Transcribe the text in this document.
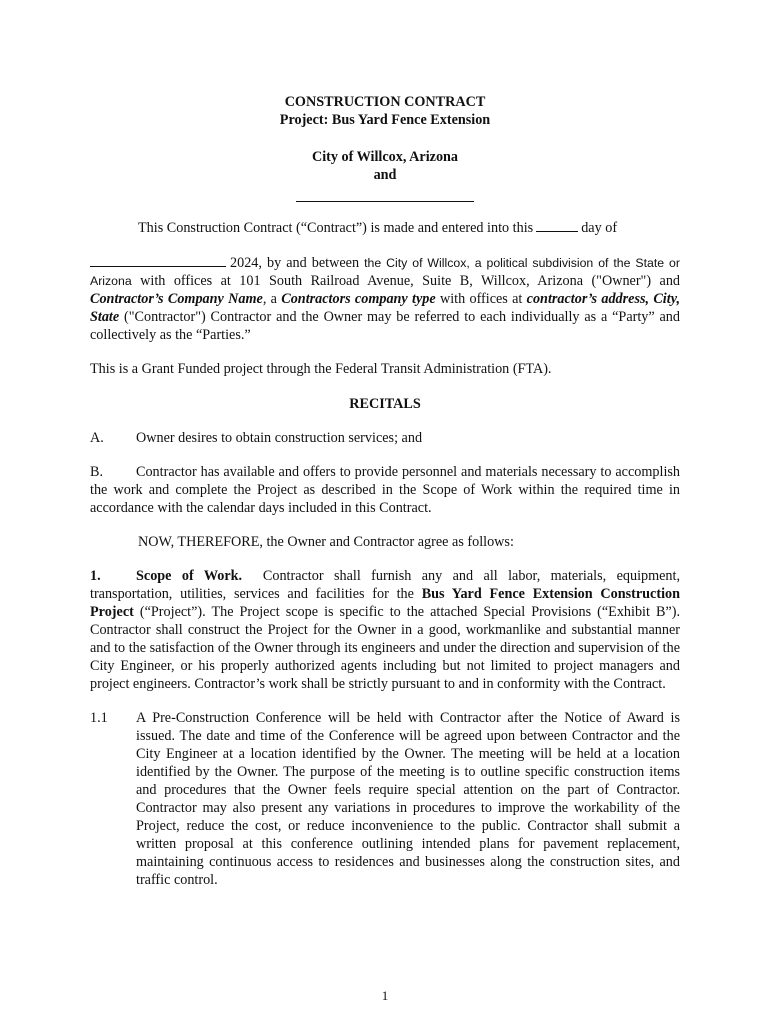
CONSTRUCTION CONTRACT
Project: Bus Yard Fence Extension
City of Willcox, Arizona
and

This Construction Contract (“Contract”) is made and entered into this	day of

2024, by and between the City of Willcox, a political subdivision of the State or Arizona with offices at 101 South Railroad Avenue, Suite B, Willcox, Arizona ("Owner") and Contractor’s Company Name, a Contractors company type with offices at contractor’s address, City, State ("Contractor") Contractor and the Owner may be referred to each individually as a “Party” and collectively as the “Parties.”

This is a Grant Funded project through the Federal Transit Administration (FTA).

RECITALS

A.	Owner desires to obtain construction services; and

B. Contractor has available and offers to provide personnel and materials necessary to accomplish the work and complete the Project as described in the Scope of Work within the required time in accordance with the calendar days included in this Contract.

NOW, THEREFORE, the Owner and Contractor agree as follows:

1. Scope of Work. Contractor shall furnish any and all labor, materials, equipment, transportation, utilities, services and facilities for the Bus Yard Fence Extension Construction Project (“Project”). The Project scope is specific to the attached Special Provisions (“Exhibit B”). Contractor shall construct the Project for the Owner in a good, workmanlike and substantial manner and to the satisfaction of the Owner through its engineers and under the direction and supervision of the City Engineer, or his properly authorized agents including but not limited to project managers and project engineers. Contractor’s work shall be strictly pursuant to and in conformity with the Contract.

1.1	A Pre-Construction Conference will be held with Contractor after the Notice of Award is issued. The date and time of the Conference will be agreed upon between Contractor and the City Engineer at a location identified by the Owner. The meeting will be held at a location identified by the Owner. The purpose of the meeting is to outline specific construction items and procedures that the Owner feels require special attention on the part of Contractor. Contractor may also present any variations in procedures to improve the workability of the Project, reduce the cost, or reduce inconvenience to the public. Contractor shall submit a written proposal at this conference outlining intended plans for pavement replacement, maintaining continuous access to residences and businesses along the construction sites, and traffic control.
1
